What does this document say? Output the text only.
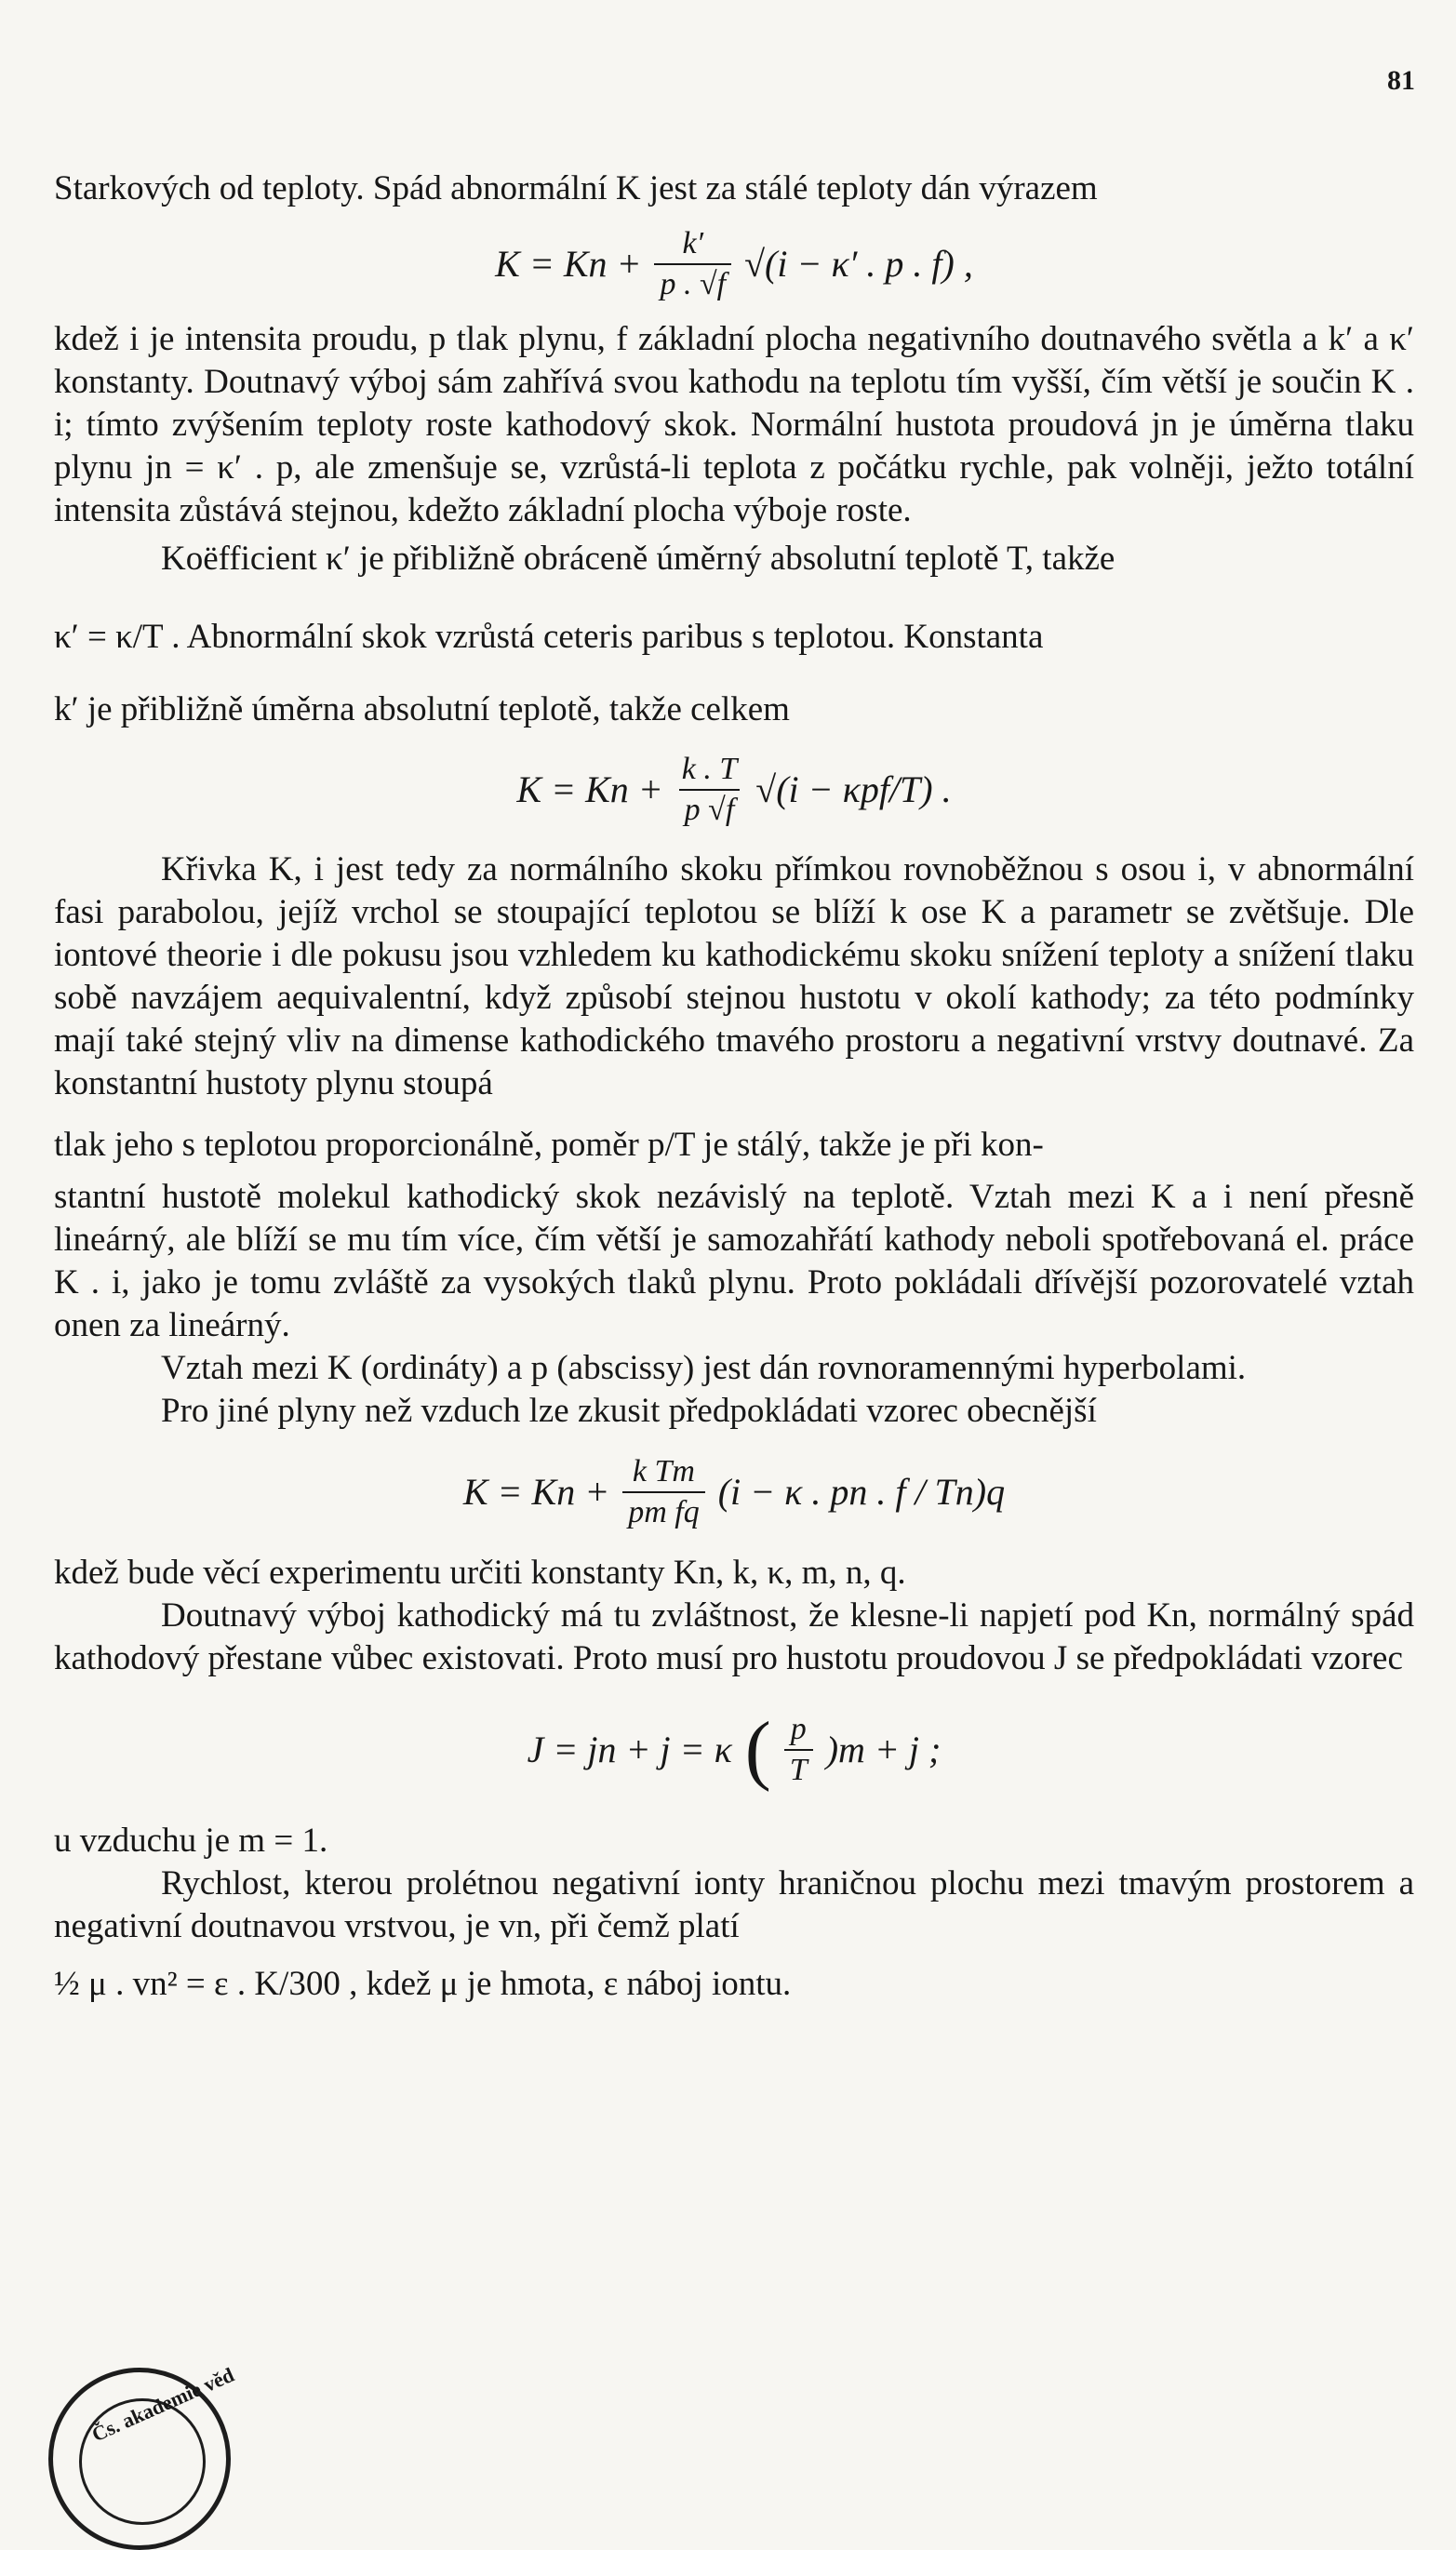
81

Starkových od teploty. Spád abnormální K jest za stálé teploty dán výrazem

$K = Kn + \frac{k'}{p . √f} √(i - \kappa'$ . p . f) ,

kdež i je intensita proudu, p tlak plynu, f základní plocha negativního doutnavého světla a k′ a κ′ konstanty. Doutnavý výboj sám zahřívá svou kathodu na teplotu tím vyšší, čím větší je součin K . i; tímto zvýšením teploty roste kathodový skok. Normální hustota proudová jn je úměrna tlaku plynu jn = κ′ . p, ale zmenšuje se, vzrůstá-li teplota z počátku rychle, pak volněji, ježto totální intensita zůstává stejnou, kdežto základní plocha výboje roste.

Koëfficient κ′ je přibližně obráceně úměrný absolutní teplotě T, takže

κ′ = κ/T . Abnormální skok vzrůstá ceteris paribus s teplotou. Konstanta

k′ je přibližně úměrna absolutní teplotě, takže celkem

$K = Kn + \frac{k . T}{p √f} √(i - \kappa pf/T)$ .

Křivka K, i jest tedy za normálního skoku přímkou rovnoběžnou s osou i, v abnormální fasi parabolou, jejíž vrchol se stoupající teplotou se blíží k ose K a parametr se zvětšuje. Dle iontové theorie i dle pokusu jsou vzhledem ku kathodickému skoku snížení teploty a snížení tlaku sobě navzájem aequivalentní, když způsobí stejnou hustotu v okolí kathody; za této podmínky mají také stejný vliv na dimense kathodického tmavého prostoru a negativní vrstvy doutnavé. Za konstantní hustoty plynu stoupá

tlak jeho s teplotou proporcionálně, poměr p/T je stálý, takže je při kon-

stantní hustotě molekul kathodický skok nezávislý na teplotě. Vztah mezi K a i není přesně lineárný, ale blíží se mu tím více, čím větší je samozahřátí kathody neboli spotřebovaná el. práce K . i, jako je tomu zvláště za vysokých tlaků plynu. Proto pokládali dřívější pozorovatelé vztah onen za lineárný.

Vztah mezi K (ordináty) a p (abscissy) jest dán rovnoramennými hyperbolami.

Pro jiné plyny než vzduch lze zkusit předpokládati vzorec obecnější

$K = Kn + \frac{\text{k Tm}}{\text{pm fq}} (i - \kappa$ . pn . f / Tn)q

kdež bude věcí experimentu určiti konstanty Kn, k, κ, m, n, q.

Doutnavý výboj kathodický má tu zvláštnost, že klesne-li napjetí pod Kn, normálný spád kathodový přestane vůbec existovati. Proto musí pro hustotu proudovou J se předpokládati vzorec

J = jn + j = κ ( $\frac{p}{T} )m + j$ ;

u vzduchu je m = 1.

Rychlost, kterou prolétnou negativní ionty hraničnou plochu mezi tmavým prostorem a negativní doutnavou vrstvou, je vn, při čemž platí

½ μ . vn² = ε . K/300 , kdež μ je hmota, ε náboj iontu.

Čs. akademie věd
